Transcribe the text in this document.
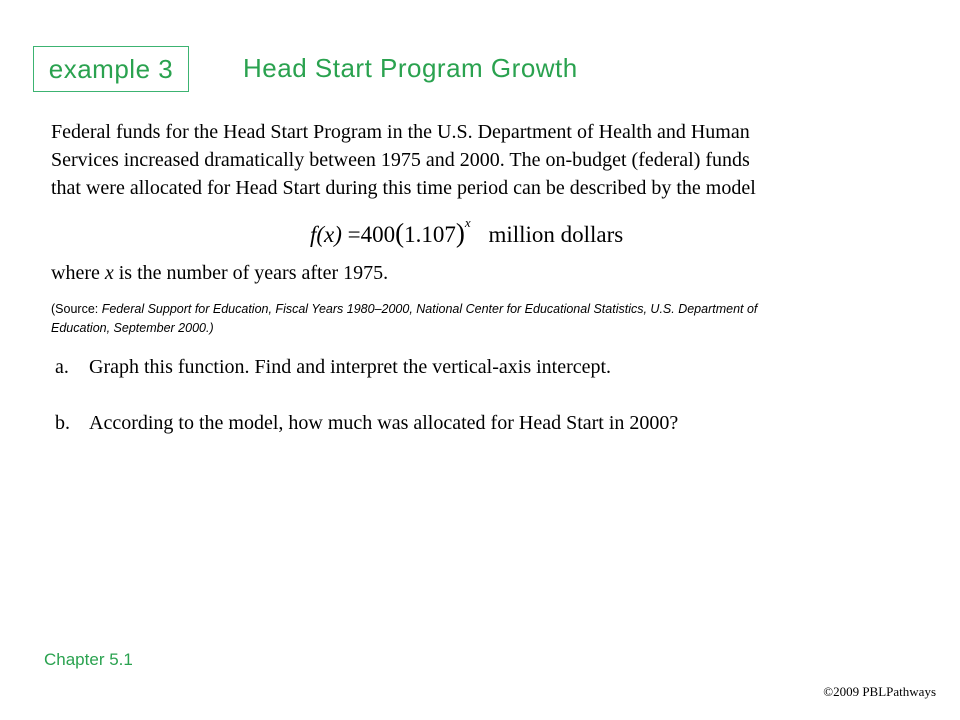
example 3	Head Start Program Growth
Federal funds for the Head Start Program in the U.S. Department of Health and Human
Services increased dramatically between 1975 and 2000. The on-budget (federal) funds
that were allocated for Head Start during this time period can be described by the model
$f(x) =400(1.107)^x$ million dollars
where x is the number of years after 1975.
(Source: Federal Support for Education, Fiscal Years 1980–2000, National Center for Educational Statistics, U.S. Department of
Education, September 2000.)
a. Graph this function. Find and interpret the vertical-axis intercept.
b. According to the model, how much was allocated for Head Start in 2000?
Chapter 5.1
©2009 PBLPathways
